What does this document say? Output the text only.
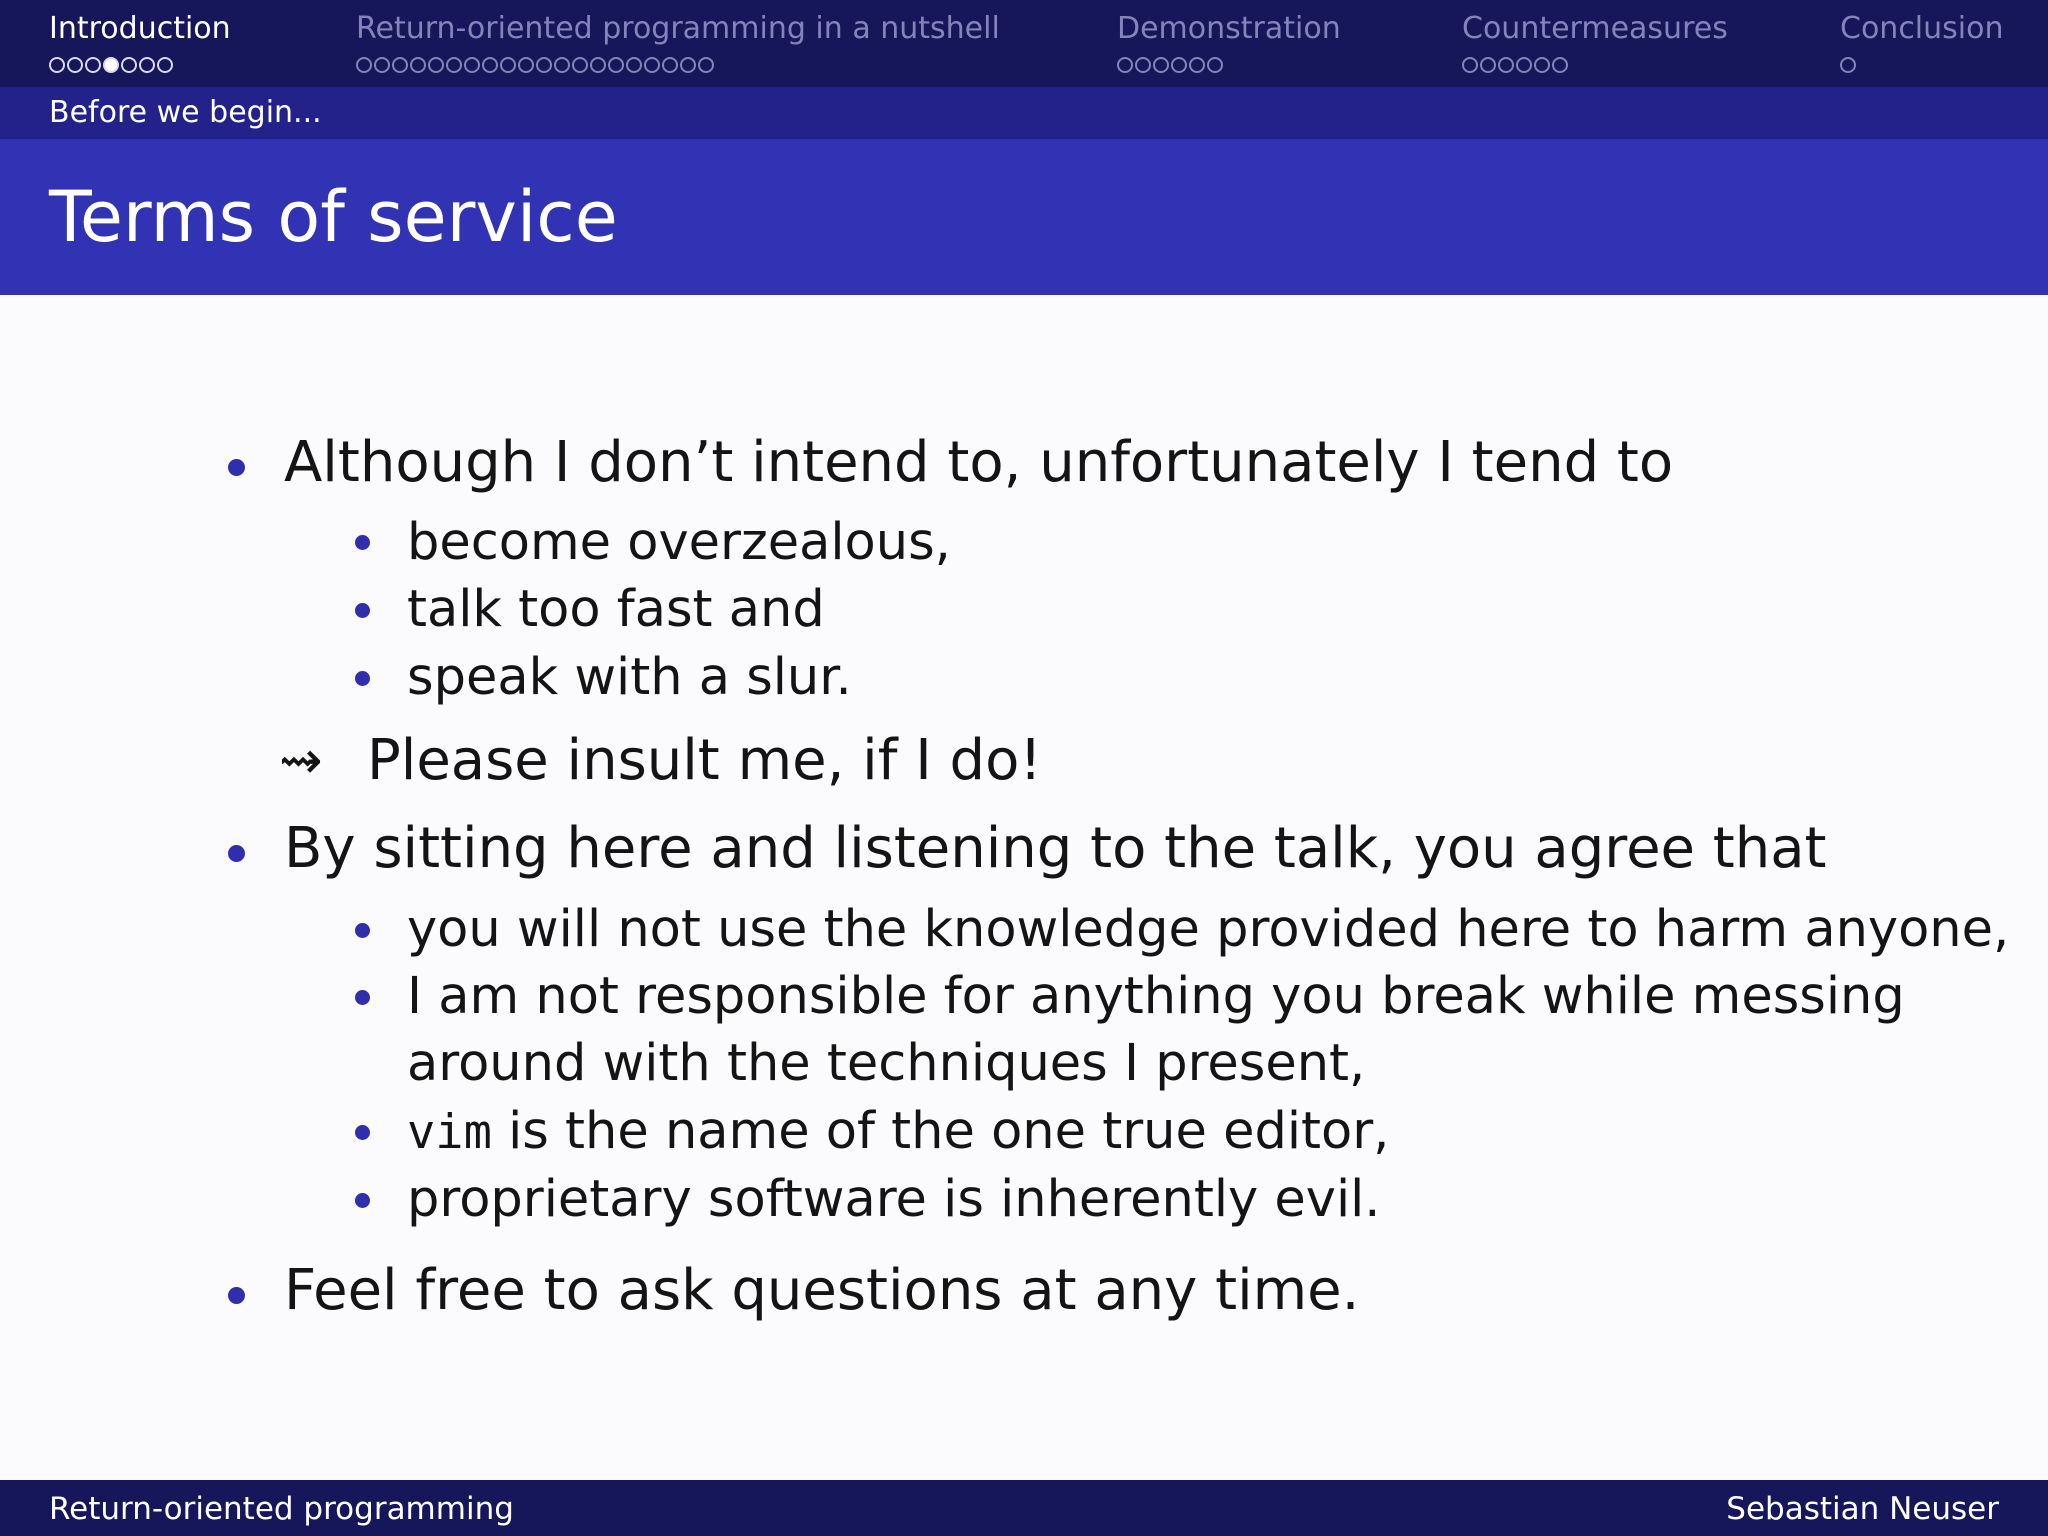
Introduction	Return-oriented programming in a nutshell	Demonstration	Countermeasures	Conclusion
Before we begin...
Terms of service
Although I don’t intend to, unfortunately I tend to
become overzealous,
talk too fast and
speak with a slur.
⇝ Please insult me, if I do!
By sitting here and listening to the talk, you agree that
you will not use the knowledge provided here to harm anyone,
I am not responsible for anything you break while messing
around with the techniques I present,
vim is the name of the one true editor,
proprietary software is inherently evil.
Feel free to ask questions at any time.
Return-oriented programming	Sebastian Neuser
